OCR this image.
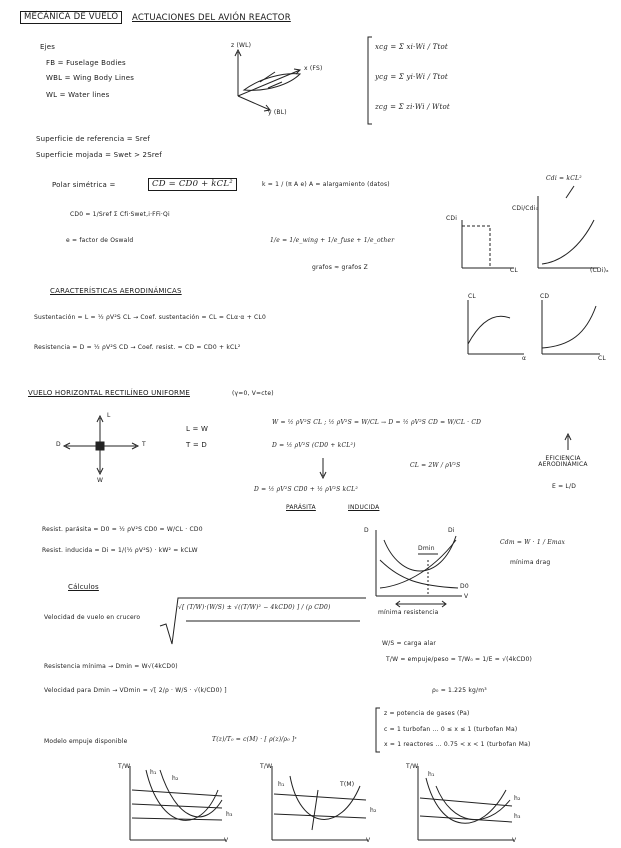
MECÁNICA DE VUELO	ACTUACIONES DEL AVIÓN REACTOR
Ejes
FB = Fuselage Bodies
WBL = Wing Body Lines
WL = Water lines
z (WL)
x (FS)
y (BL)
xcg = Σ xi·Wi / Ttot
ycg = Σ yi·Wi / Ttot
zcg = Σ zi·Wi / Wtot
Superficie de referencia = Sref
Superficie mojada = Swet > 2Sref
Polar simétrica =	CD = CD0 + kCL²	k = 1 / (π A e) A = alargamiento (datos)
CD0 = 1/Sref Σ Cfi·Swet,i·FFi·Qi
e = factor de Oswald	1/e = 1/e_wing + 1/e_fuse + 1/e_other
grafos ≈ grafos Z
CDi
CL
CDi/Cdi₀
Cdi = kCL²
(CDi)ₐ
CARACTERÍSTICAS AERODINÁMICAS
Sustentación = L = ½ ρV²S CL → Coef. sustentación = CL = CLα·α + CL0
Resistencia = D = ½ ρV²S CD → Coef. resist. = CD = CD0 + kCL²
CL
α
CD
CL
VUELO HORIZONTAL RECTILÍNEO UNIFORME	(γ=0, V=cte)
L
D	T
W
L = W
T = D
W = ½ ρV²S CL ; ½ ρV²S = W/CL → D = ½ ρV²S CD = W/CL · CD
D = ½ ρV²S (CD0 + kCL²)
CL = 2W / ρV²S
D = ½ ρV²S CD0 + ½ ρV²S kCL²
PARÁSITA	INDUCIDA
EFICIENCIA AERODINÁMICA
E = L/D
Resist. parásita = D0 = ½ ρV²S CD0 = W/CL · CD0
Resist. inducida = Di = 1/(½ ρV²S) · kW² = kCLW
D
Dmin
Di
D0
V
mínima resistencia
Cdm = W · 1 / Emax
mínima drag
Cálculos
Velocidad de vuelo en crucero
√[ (T/W)·(W/S) ± √((T/W)² − 4kCD0) ] / (ρ CD0)
W/S = carga alar
T/W = empuje/peso = T/W₀ = 1/E = √(4kCD0)
Resistencia mínima → Dmin = W√(4kCD0)
Velocidad para Dmin → VDmin = √[ 2/ρ · W/S · √(k/CD0) ]	ρ₀ = 1.225 kg/m³
Modelo empuje disponible	T(z)/T₀ = c(M) · [ ρ(z)/ρ₀ ]ˣ
z = potencia de gases (Pa)
c = 1 turbofan ... 0 ≤ x ≤ 1 (turbofan Ma)
x = 1 reactores ... 0.75 < x < 1 (turbofan Ma)
T/W
h₁
h₂
h₃
V
T/W
h₁
h₂
T(M)
V
T/W
h₁
h₂
h₃
V
